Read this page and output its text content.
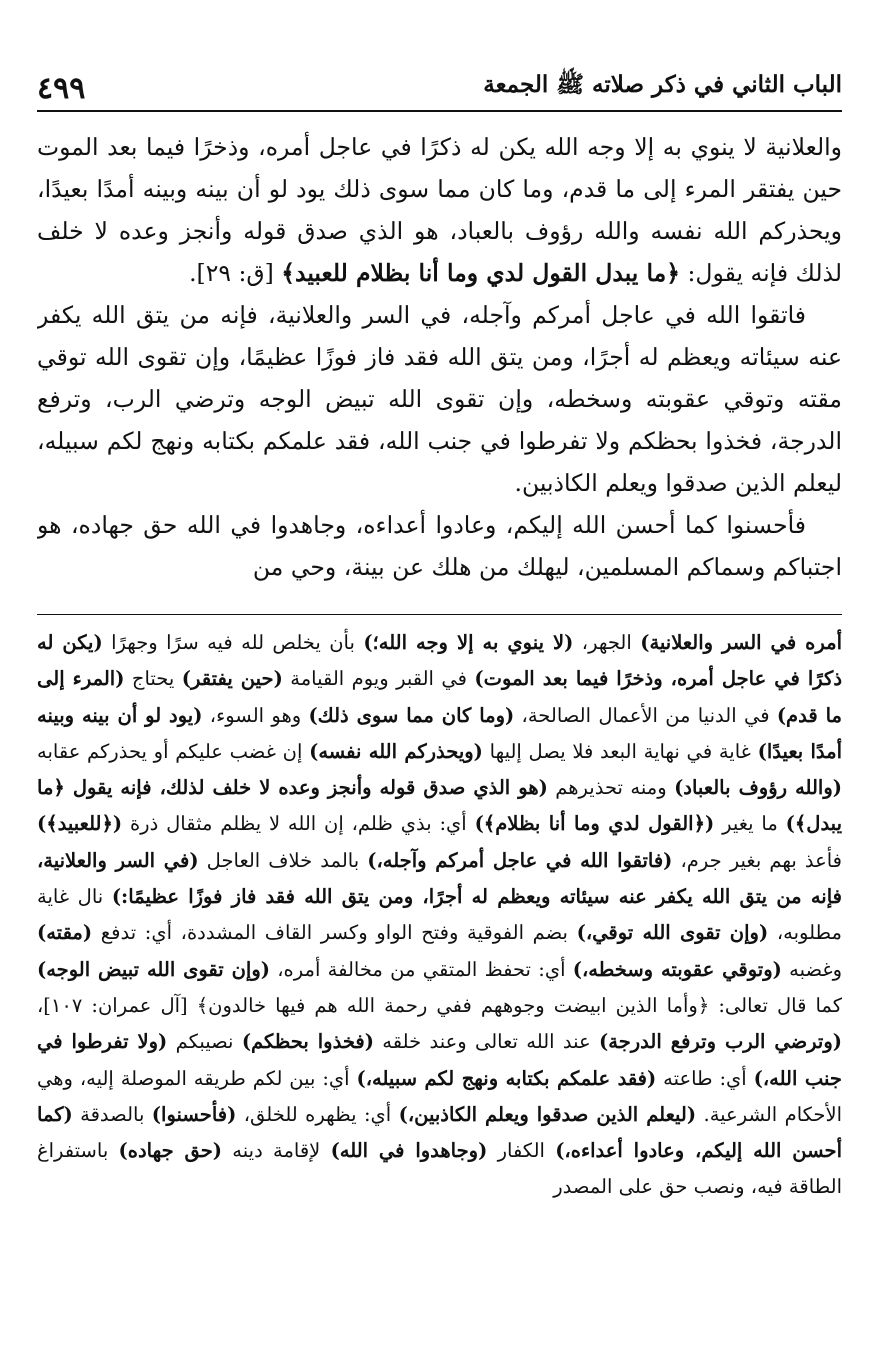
٤٩٩	الباب الثاني في ذكر صلاته ﷺ الجمعة

والعلانية لا ينوي به إلا وجه الله يكن له ذكرًا في عاجل أمره، وذخرًا فيما بعد الموت حين يفتقر المرء إلى ما قدم، وما كان مما سوى ذلك يود لو أن بينه وبينه أمدًا بعيدًا، ويحذركم الله نفسه والله رؤوف بالعباد، هو الذي صدق قوله وأنجز وعده لا خلف لذلك فإنه يقول: ﴿ما يبدل القول لدي وما أنا بظلام للعبيد﴾ [ق: ٢٩].

فاتقوا الله في عاجل أمركم وآجله، في السر والعلانية، فإنه من يتق الله يكفر عنه سيئاته ويعظم له أجرًا، ومن يتق الله فقد فاز فوزًا عظيمًا، وإن تقوى الله توقي مقته وتوقي عقوبته وسخطه، وإن تقوى الله تبيض الوجه وترضي الرب، وترفع الدرجة، فخذوا بحظكم ولا تفرطوا في جنب الله، فقد علمكم بكتابه ونهج لكم سبيله، ليعلم الذين صدقوا ويعلم الكاذبين.

فأحسنوا كما أحسن الله إليكم، وعادوا أعداءه، وجاهدوا في الله حق جهاده، هو اجتباكم وسماكم المسلمين، ليهلك من هلك عن بينة، وحي من

أمره في السر والعلانية) الجهر، (لا ينوي به إلا وجه الله؛) بأن يخلص لله فيه سرًا وجهرًا (يكن له ذكرًا في عاجل أمره، وذخرًا فيما بعد الموت) في القبر ويوم القيامة (حين يفتقر) يحتاج (المرء إلى ما قدم) في الدنيا من الأعمال الصالحة، (وما كان مما سوى ذلك) وهو السوء، (يود لو أن بينه وبينه أمدًا بعيدًا) غاية في نهاية البعد فلا يصل إليها (ويحذركم الله نفسه) إن غضب عليكم أو يحذركم عقابه (والله رؤوف بالعباد) ومنه تحذيرهم (هو الذي صدق قوله وأنجز وعده لا خلف لذلك، فإنه يقول ﴿ما يبدل﴾) ما يغير (﴿القول لدي وما أنا بظلام﴾) أي: بذي ظلم، إن الله لا يظلم مثقال ذرة (﴿للعبيد﴾) فأعذ بهم بغير جرم، (فاتقوا الله في عاجل أمركم وآجله،) بالمد خلاف العاجل (في السر والعلانية، فإنه من يتق الله يكفر عنه سيئاته ويعظم له أجرًا، ومن يتق الله فقد فاز فوزًا عظيمًا:) نال غاية مطلوبه، (وإن تقوى الله توقي،) بضم الفوقية وفتح الواو وكسر القاف المشددة، أي: تدفع (مقته) وغضبه (وتوقي عقوبته وسخطه،) أي: تحفظ المتقي من مخالفة أمره، (وإن تقوى الله تبيض الوجه) كما قال تعالى: ﴿وأما الذين ابيضت وجوههم ففي رحمة الله هم فيها خالدون﴾ [آل عمران: ١٠٧]، (وترضي الرب وترفع الدرجة) عند الله تعالى وعند خلقه (فخذوا بحظكم) نصيبكم (ولا تفرطوا في جنب الله،) أي: طاعته (فقد علمكم بكتابه ونهج لكم سبيله،) أي: بين لكم طريقه الموصلة إليه، وهي الأحكام الشرعية. (ليعلم الذين صدقوا ويعلم الكاذبين،) أي: يظهره للخلق، (فأحسنوا) بالصدقة (كما أحسن الله إليكم، وعادوا أعداءه،) الكفار (وجاهدوا في الله) لإقامة دينه (حق جهاده) باستفراغ الطاقة فيه، ونصب حق على المصدر
